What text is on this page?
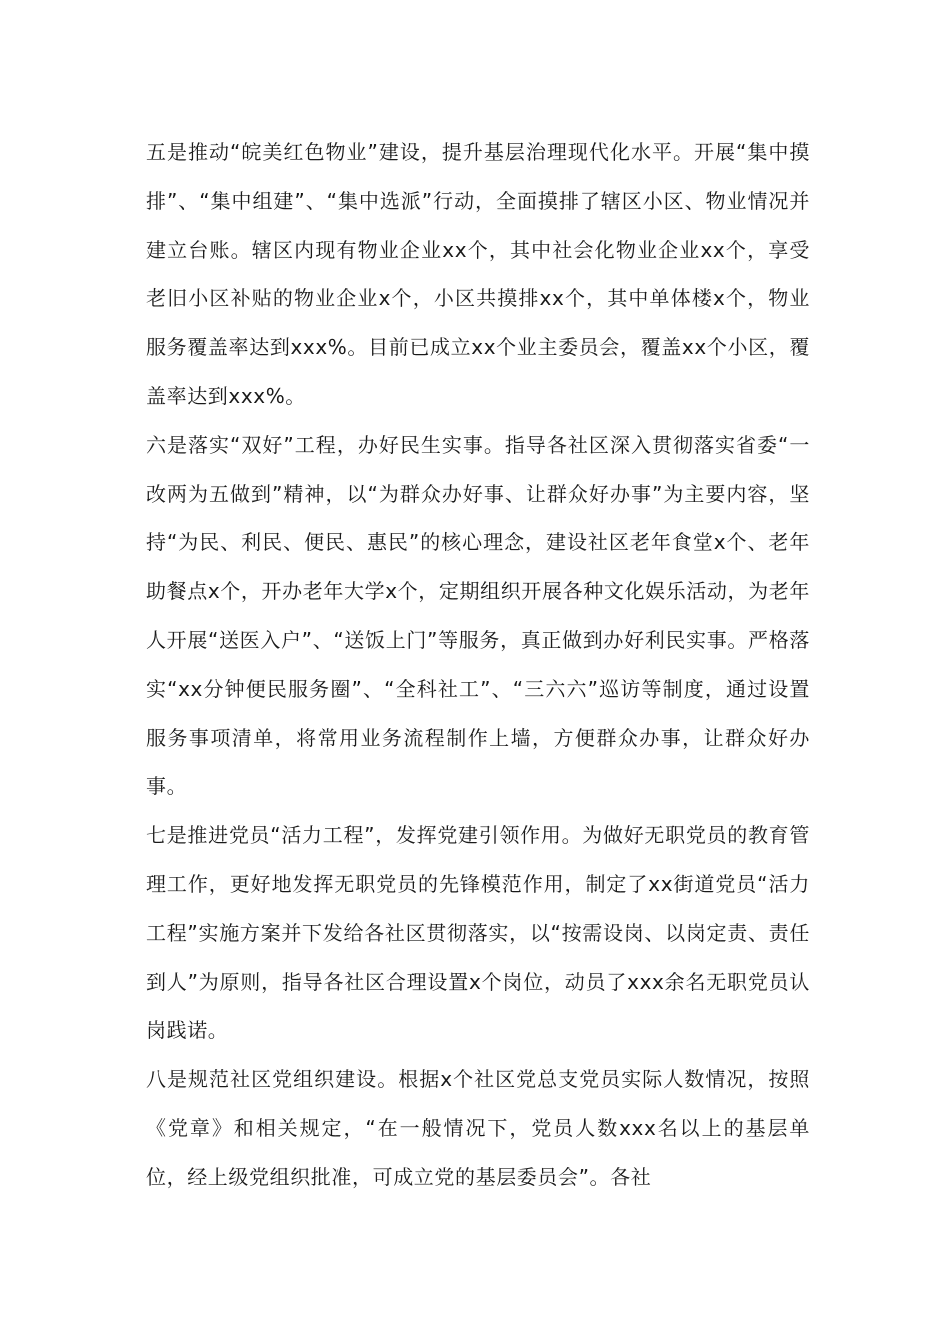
五是推动“皖美红色物业”建设，提升基层治理现代化水平。开展“集中摸排”、“集中组建”、“集中选派”行动，全面摸排了辖区小区、物业情况并建立台账。辖区内现有物业企业xx个，其中社会化物业企业xx个，享受老旧小区补贴的物业企业x个，小区共摸排xx个，其中单体楼x个，物业服务覆盖率达到xxx%。目前已成立xx个业主委员会，覆盖xx个小区，覆盖率达到xxx%。

六是落实“双好”工程，办好民生实事。指导各社区深入贯彻落实省委“一改两为五做到”精神，以“为群众办好事、让群众好办事”为主要内容，坚持“为民、利民、便民、惠民”的核心理念，建设社区老年食堂x个、老年助餐点x个，开办老年大学x个，定期组织开展各种文化娱乐活动，为老年人开展“送医入户”、“送饭上门”等服务，真正做到办好利民实事。严格落实“xx分钟便民服务圈”、“全科社工”、“三六六”巡访等制度，通过设置服务事项清单，将常用业务流程制作上墙，方便群众办事，让群众好办事。

七是推进党员“活力工程”，发挥党建引领作用。为做好无职党员的教育管理工作，更好地发挥无职党员的先锋模范作用，制定了xx街道党员“活力工程”实施方案并下发给各社区贯彻落实，以“按需设岗、以岗定责、责任到人”为原则，指导各社区合理设置x个岗位，动员了xxx余名无职党员认岗践诺。

八是规范社区党组织建设。根据x个社区党总支党员实际人数情况，按照《党章》和相关规定，“在一般情况下，党员人数xxx名以上的基层单位，经上级党组织批准，可成立党的基层委员会”。各社
